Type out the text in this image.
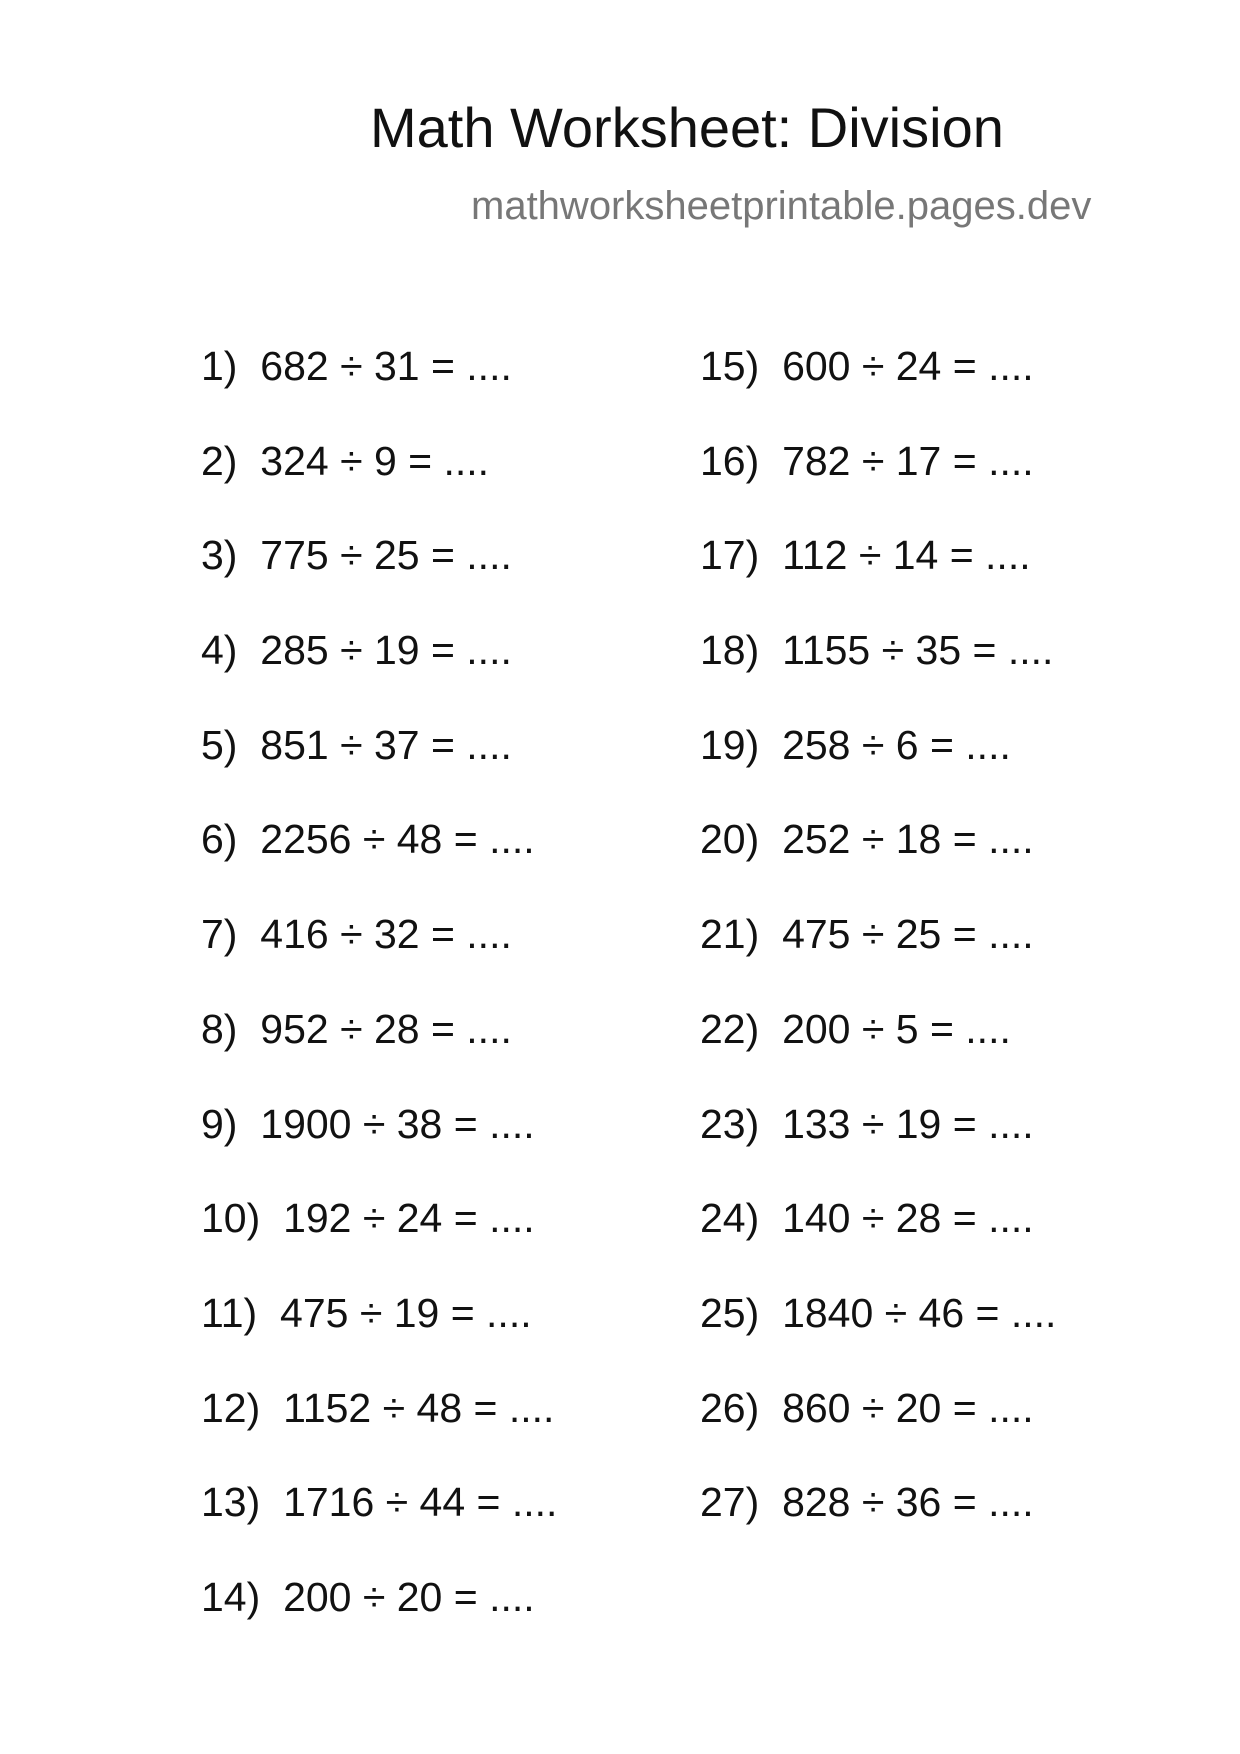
Math Worksheet: Division
mathworksheetprintable.pages.dev
1) 682 ÷ 31 = ....
2) 324 ÷ 9 = ....
3) 775 ÷ 25 = ....
4) 285 ÷ 19 = ....
5) 851 ÷ 37 = ....
6) 2256 ÷ 48 = ....
7) 416 ÷ 32 = ....
8) 952 ÷ 28 = ....
9) 1900 ÷ 38 = ....
10) 192 ÷ 24 = ....
11) 475 ÷ 19 = ....
12) 1152 ÷ 48 = ....
13) 1716 ÷ 44 = ....
14) 200 ÷ 20 = ....
15) 600 ÷ 24 = ....
16) 782 ÷ 17 = ....
17) 112 ÷ 14 = ....
18) 1155 ÷ 35 = ....
19) 258 ÷ 6 = ....
20) 252 ÷ 18 = ....
21) 475 ÷ 25 = ....
22) 200 ÷ 5 = ....
23) 133 ÷ 19 = ....
24) 140 ÷ 28 = ....
25) 1840 ÷ 46 = ....
26) 860 ÷ 20 = ....
27) 828 ÷ 36 = ....
